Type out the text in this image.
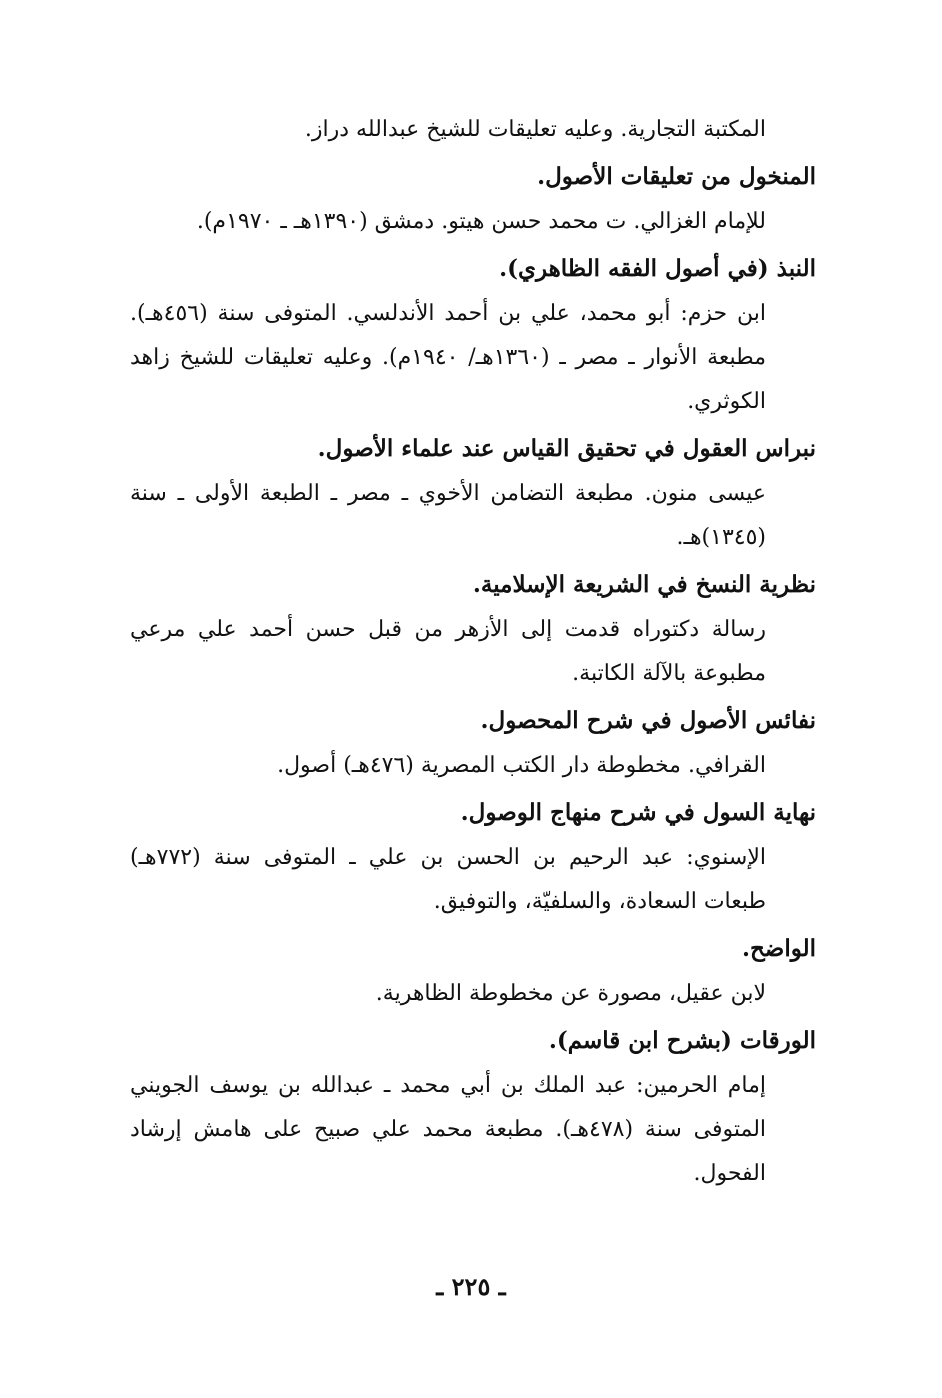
المكتبة التجارية. وعليه تعليقات للشيخ عبدالله دراز.

المنخول من تعليقات الأصول.

للإمام الغزالي. ت محمد حسن هيتو. دمشق (١٣٩٠هـ ـ ١٩٧٠م).

النبذ (في أصول الفقه الظاهري).

ابن حزم: أبو محمد، علي بن أحمد الأندلسي. المتوفى سنة (٤٥٦هـ). مطبعة الأنوار ـ مصر ـ (١٣٦٠هـ/ ١٩٤٠م). وعليه تعليقات للشيخ زاهد الكوثري.

نبراس العقول في تحقيق القياس عند علماء الأصول.

عيسى منون. مطبعة التضامن الأخوي ـ مصر ـ الطبعة الأولى ـ سنة (١٣٤٥)هـ.

نظرية النسخ في الشريعة الإسلامية.

رسالة دكتوراه قدمت إلى الأزهر من قبل حسن أحمد علي مرعي مطبوعة بالآلة الكاتبة.

نفائس الأصول في شرح المحصول.

القرافي. مخطوطة دار الكتب المصرية (٤٧٦هـ) أصول.

نهاية السول في شرح منهاج الوصول.

الإسنوي: عبد الرحيم بن الحسن بن علي ـ المتوفى سنة (٧٧٢هـ) طبعات السعادة، والسلفيّة، والتوفيق.

الواضح.

لابن عقيل، مصورة عن مخطوطة الظاهرية.

الورقات (بشرح ابن قاسم).

إمام الحرمين: عبد الملك بن أبي محمد ـ عبدالله بن يوسف الجويني المتوفى سنة (٤٧٨هـ). مطبعة محمد علي صبيح على هامش إرشاد الفحول.

ـ ٢٢٥ ـ
